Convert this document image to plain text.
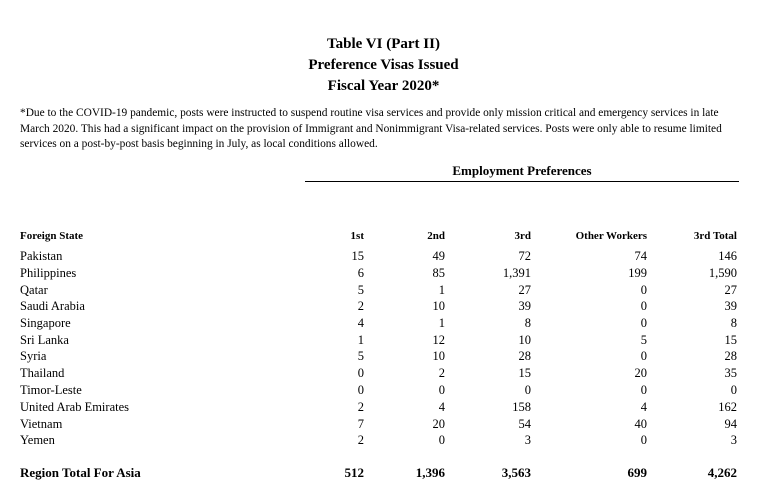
Table VI (Part II)
Preference Visas Issued
Fiscal Year 2020*
*Due to the COVID-19 pandemic, posts were instructed to suspend routine visa services and provide only mission critical and emergency services in late March 2020. This had a significant impact on the provision of Immigrant and Nonimmigrant Visa-related services. Posts were only able to resume limited services on a post-by-post basis beginning in July, as local conditions allowed.
Employment Preferences
Foreign State	1st	2nd	3rd	Other Workers	3rd Total
Pakistan	15	49	72	74	146
Philippines	6	85	1,391	199	1,590
Qatar	5	1	27	0	27
Saudi Arabia	2	10	39	0	39
Singapore	4	1	8	0	8
Sri Lanka	1	12	10	5	15
Syria	5	10	28	0	28
Thailand	0	2	15	20	35
Timor-Leste	0	0	0	0	0
United Arab Emirates	2	4	158	4	162
Vietnam	7	20	54	40	94
Yemen	2	0	3	0	3
Region Total For Asia	512	1,396	3,563	699	4,262
